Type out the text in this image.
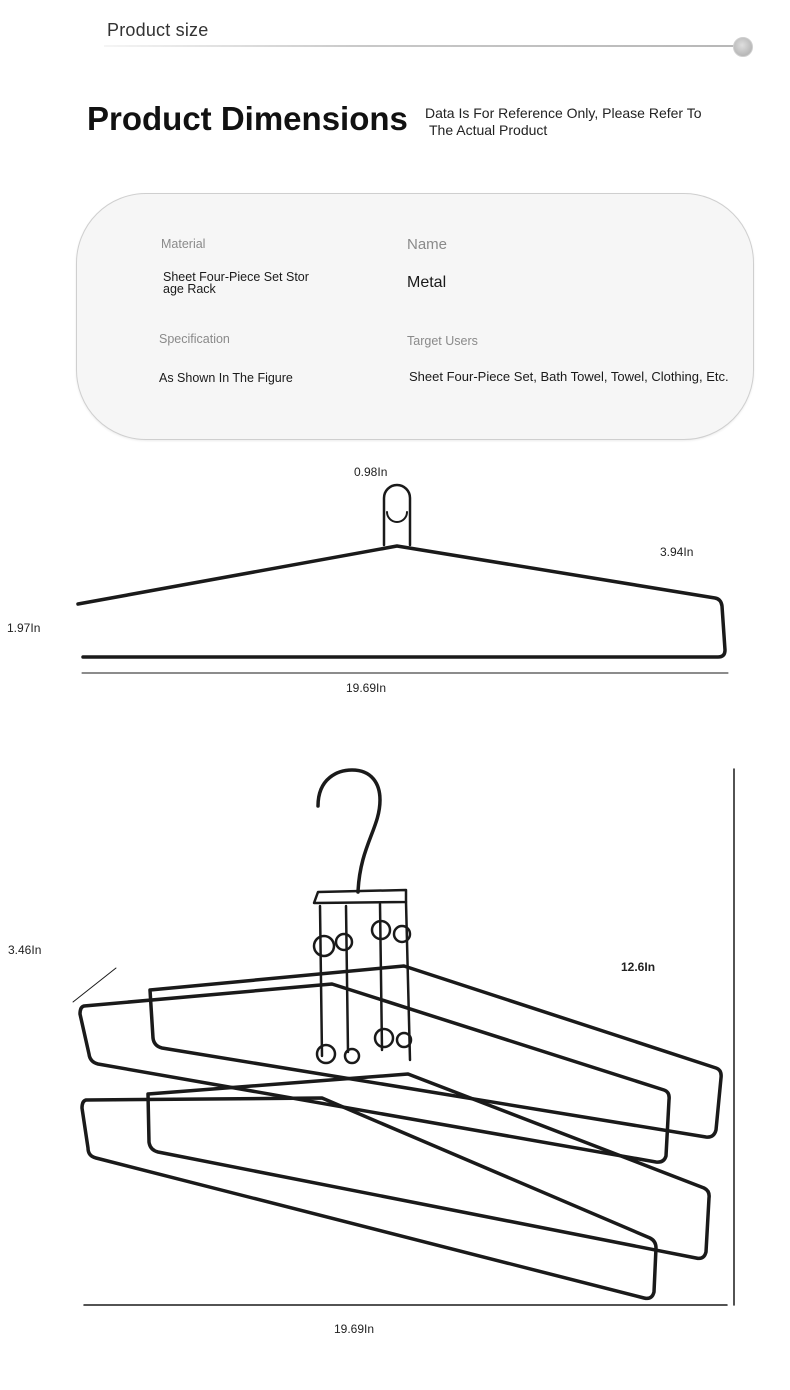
Product size
Product Dimensions Data Is For Reference Only, Please Refer To
The Actual Product
Material
Sheet Four-Piece Set Stor
age Rack
Name
Metal
Specification
As Shown In The Figure
Target Users
Sheet Four-Piece Set, Bath Towel, Towel, Clothing, Etc.
0.98In
3.94In
1.97In
19.69In
3.46In
12.6In
19.69In
